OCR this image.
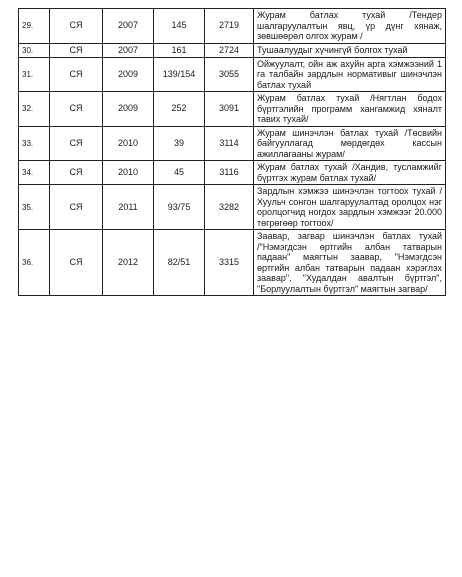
29.	СЯ	2007	145	2719	Журам батлах тухай /Тендер шалгаруулалтын явц, үр дүнг хянаж, зөвшөөрөл олгох журам /
30.	СЯ	2007	161	2724	Тушаалуудыг хүчингүй болгох тухай
31.	СЯ	2009	139/154	3055	Ойжуулалт, ойн аж ахуйн арга хэмжээний 1 га талбайн зардлын нормативыг шинэчлэн батлах тухай
32.	СЯ	2009	252	3091	Журам батлах тухай /Нягтлан бодох бүртгэлийн программ хангамжид хяналт тавих тухай/
33.	СЯ	2010	39	3114	Журам шинэчлэн батлах тухай /Төсвийн байгууллагад мөрдөгдөх кассын ажиллагааны журам/
34.	СЯ	2010	45	3116	Журам батлах тухай /Хандив, тусламжийг бүртгэх журам батлах тухай/
35.	СЯ	2011	93/75	3282	Зардлын хэмжээ шинэчлэн тогтоох тухай /Хуульч сонгон шалгаруулалтад оролцох нэг оролцогчид ногдох зардлын хэмжээг 20.000 төгрөгөөр тогтоох/
36.	СЯ	2012	82/51	3315	Заавар, загвар шинэчлэн батлах тухай /"Нэмэгдсэн өртгийн албан татварын падаан" маягтын заавар, "Нэмэгдсэн өртгийн албан татварын падаан хэрэглэх заавар", "Худалдан авалтын бүртгэл", "Борлуулалтын бүртгэл" маягтын загвар/
